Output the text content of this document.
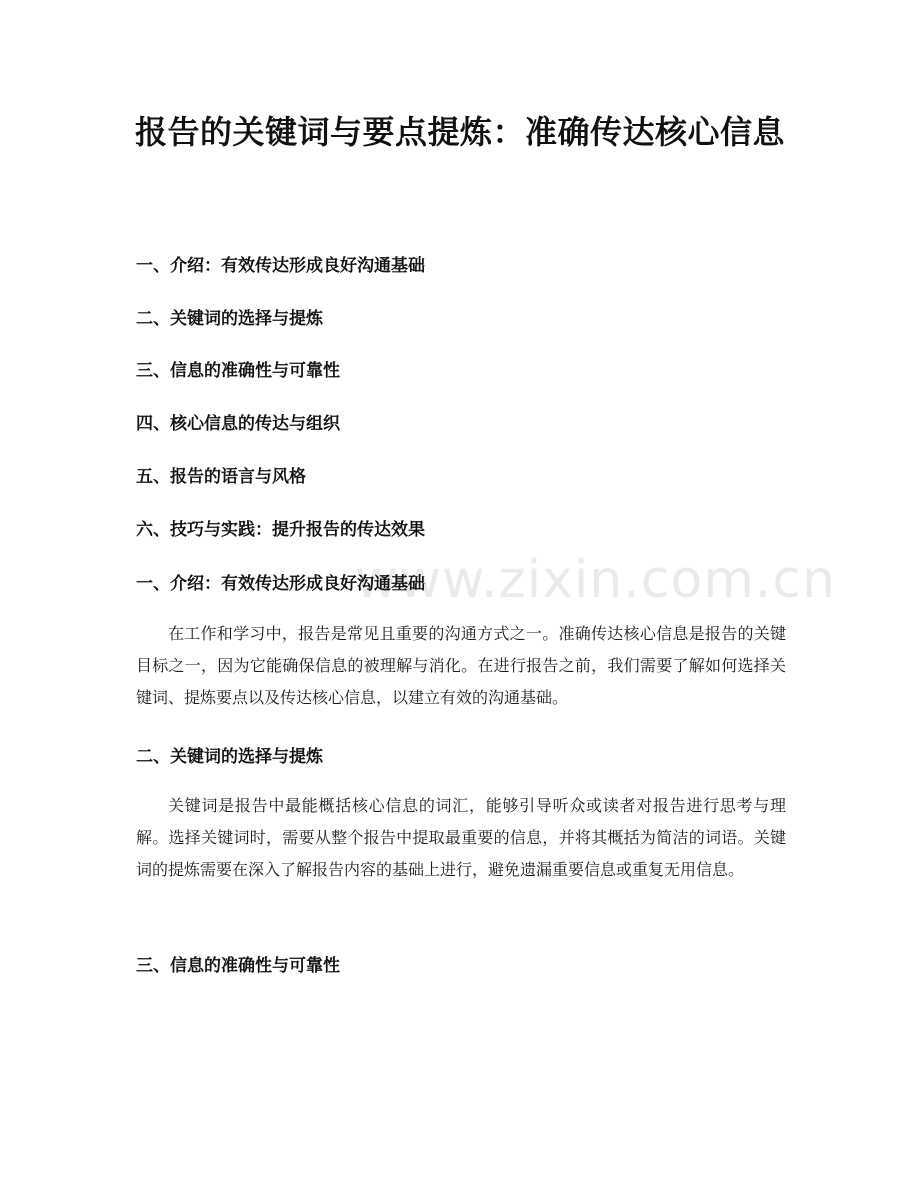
报告的关键词与要点提炼：准确传达核心信息

一、介绍：有效传达形成良好沟通基础

二、关键词的选择与提炼

三、信息的准确性与可靠性

四、核心信息的传达与组织

五、报告的语言与风格

六、技巧与实践：提升报告的传达效果

www.zixin.com.cn
一、介绍：有效传达形成良好沟通基础

在工作和学习中，报告是常见且重要的沟通方式之一。准确传达核心信息是报告的关键目标之一，因为它能确保信息的被理解与消化。在进行报告之前，我们需要了解如何选择关键词、提炼要点以及传达核心信息，以建立有效的沟通基础。

二、关键词的选择与提炼

关键词是报告中最能概括核心信息的词汇，能够引导听众或读者对报告进行思考与理解。选择关键词时，需要从整个报告中提取最重要的信息，并将其概括为简洁的词语。关键词的提炼需要在深入了解报告内容的基础上进行，避免遗漏重要信息或重复无用信息。

三、信息的准确性与可靠性
